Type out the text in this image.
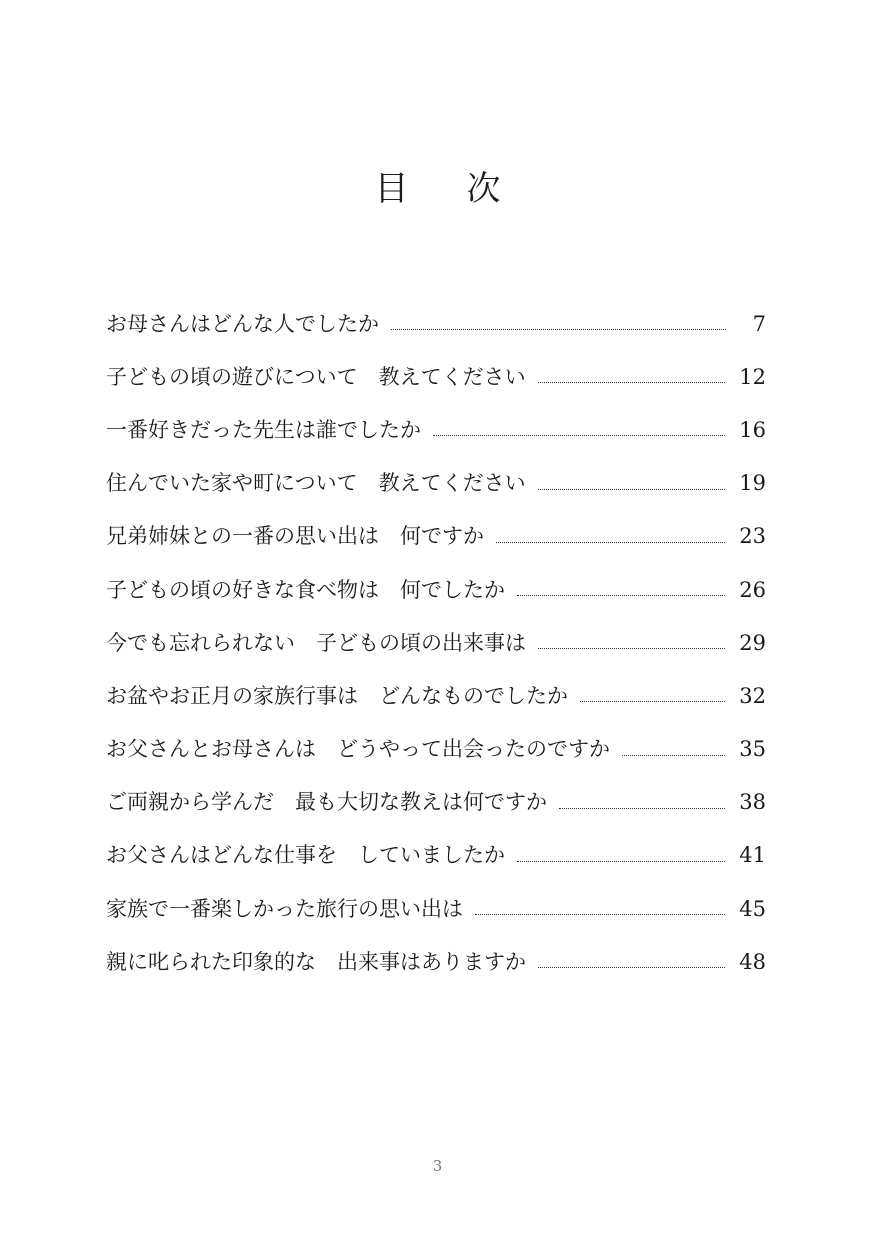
目次
お母さんはどんな人でしたか	7
子どもの頃の遊びについて　教えてください	12
一番好きだった先生は誰でしたか	16
住んでいた家や町について　教えてください	19
兄弟姉妹との一番の思い出は　何ですか	23
子どもの頃の好きな食べ物は　何でしたか	26
今でも忘れられない　子どもの頃の出来事は	29
お盆やお正月の家族行事は　どんなものでしたか	32
お父さんとお母さんは　どうやって出会ったのですか	35
ご両親から学んだ　最も大切な教えは何ですか	38
お父さんはどんな仕事を　していましたか	41
家族で一番楽しかった旅行の思い出は	45
親に叱られた印象的な　出来事はありますか	48
3
